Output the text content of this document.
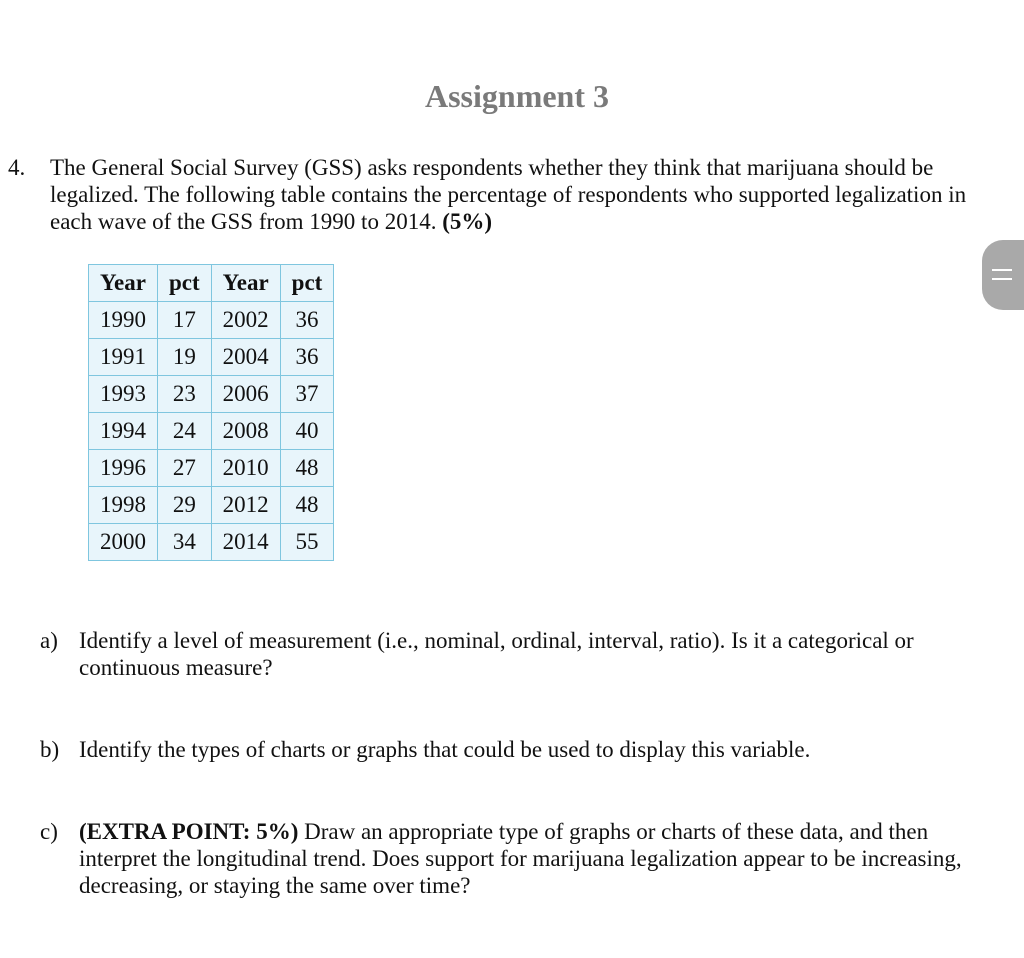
Assignment 3
4.	The General Social Survey (GSS) asks respondents whether they think that marijuana should be legalized. The following table contains the percentage of respondents who supported legalization in each wave of the GSS from 1990 to 2014. (5%)
Year	pct	Year	pct
1990	17	2002	36
1991	19	2004	36
1993	23	2006	37
1994	24	2008	40
1996	27	2010	48
1998	29	2012	48
2000	34	2014	55
a) Identify a level of measurement (i.e., nominal, ordinal, interval, ratio). Is it a categorical or continuous measure?
b) Identify the types of charts or graphs that could be used to display this variable.
c) (EXTRA POINT: 5%) Draw an appropriate type of graphs or charts of these data, and then interpret the longitudinal trend. Does support for marijuana legalization appear to be increasing, decreasing, or staying the same over time?
